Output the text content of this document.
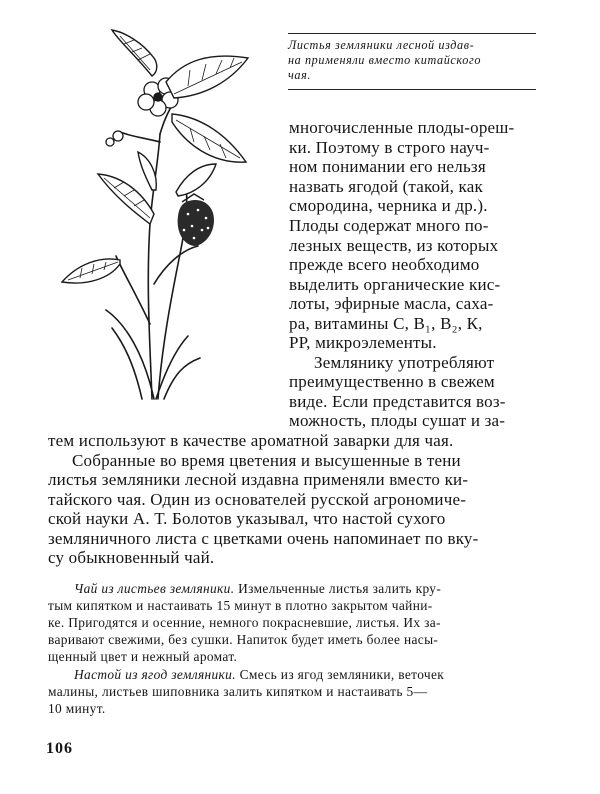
Листья земляники лесной издав-
на применяли вместо китайского
чая.
многочисленные плоды-ореш-
ки. Поэтому в строго науч-
ном понимании его нельзя
назвать ягодой (такой, как
смородина, черника и др.).
Плоды содержат много по-
лезных веществ, из которых
прежде всего необходимо
выделить органические кис-
лоты, эфирные масла, саха-
ра, витамины С, B₁, B₂, К,
РР, микроэлементы.
Землянику употребляют
преимущественно в свежем
виде. Если представится воз-
можность, плоды сушат и за-
тем используют в качестве ароматной заварки для чая.
Собранные во время цветения и высушенные в тени
листья земляники лесной издавна применяли вместо ки-
тайского чая. Один из основателей русской агрономиче-
ской науки А. Т. Болотов указывал, что настой сухого
земляничного листа с цветками очень напоминает по вку-
су обыкновенный чай.
Чай из листьев земляники. Измельченные листья залить кру-
тым кипятком и настаивать 15 минут в плотно закрытом чайни-
ке. Пригодятся и осенние, немного покрасневшие, листья. Их за-
варивают свежими, без сушки. Напиток будет иметь более насы-
щенный цвет и нежный аромат.
Настой из ягод земляники. Смесь из ягод земляники, веточек
малины, листьев шиповника залить кипятком и настаивать 5—
10 минут.
106
